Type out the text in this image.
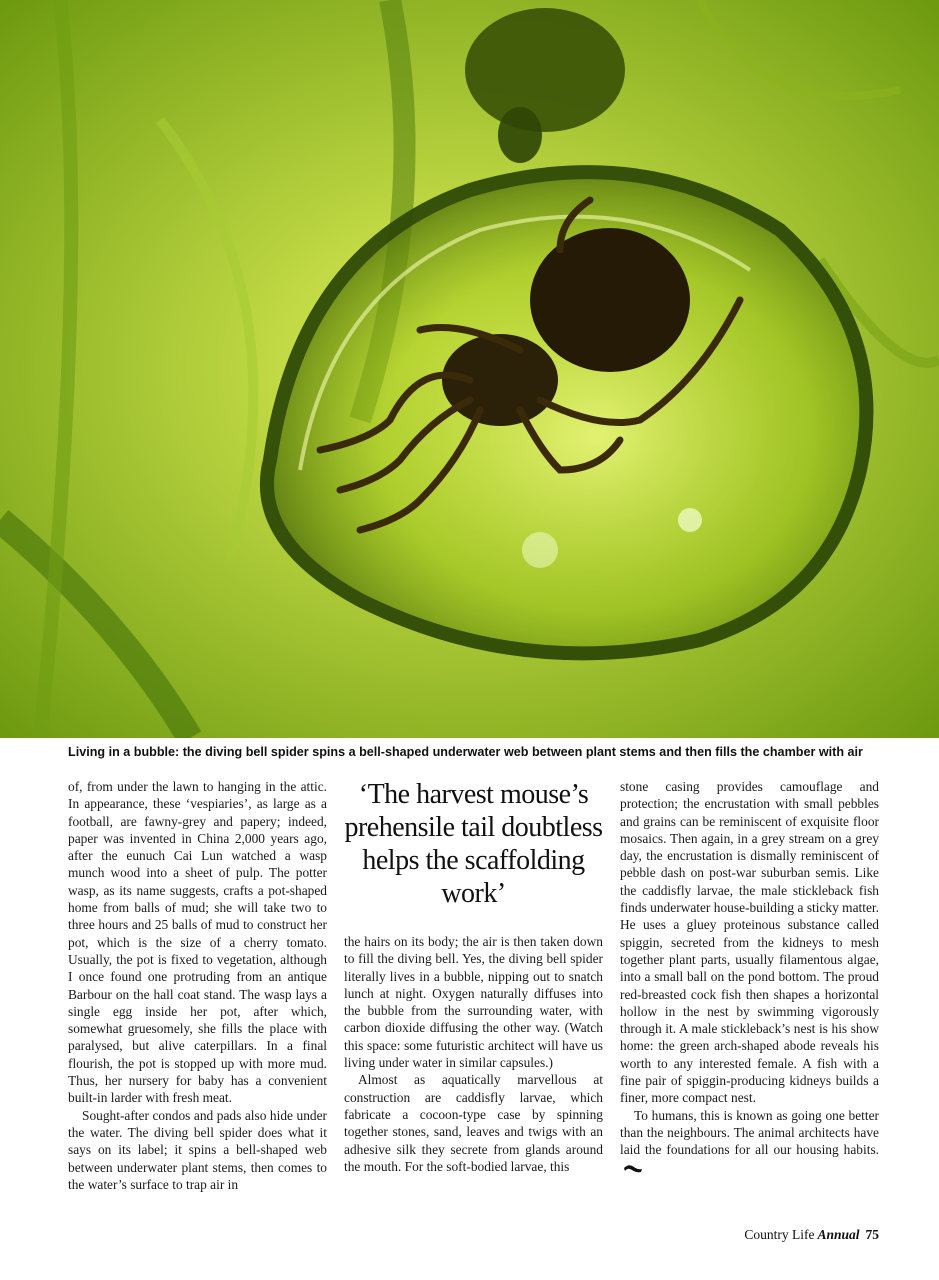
Living in a bubble: the diving bell spider spins a bell-shaped underwater web between plant stems and then fills the chamber with air

of, from under the lawn to hanging in the attic. In appearance, these ‘vespiaries’, as large as a football, are fawny-grey and papery; indeed, paper was invented in China 2,000 years ago, after the eunuch Cai Lun watched a wasp munch wood into a sheet of pulp. The potter wasp, as its name suggests, crafts a pot-shaped home from balls of mud; she will take two to three hours and 25 balls of mud to construct her pot, which is the size of a cherry tomato. Usually, the pot is fixed to vegetation, although I once found one protruding from an antique Barbour on the hall coat stand. The wasp lays a single egg inside her pot, after which, somewhat gruesomely, she fills the place with paralysed, but alive caterpillars. In a final flourish, the pot is stopped up with more mud. Thus, her nursery for baby has a convenient built-in larder with fresh meat.

Sought-after condos and pads also hide under the water. The diving bell spider does what it says on its label; it spins a bell-shaped web between underwater plant stems, then comes to the water’s surface to trap air in

‘The harvest mouse’s prehensile tail doubtless helps the scaffolding work’

the hairs on its body; the air is then taken down to fill the diving bell. Yes, the diving bell spider literally lives in a bubble, nipping out to snatch lunch at night. Oxygen naturally diffuses into the bubble from the surrounding water, with carbon dioxide diffusing the other way. (Watch this space: some futuristic architect will have us living under water in similar capsules.)

Almost as aquatically marvellous at construction are caddisfly larvae, which fabricate a cocoon-type case by spinning together stones, sand, leaves and twigs with an adhesive silk they secrete from glands around the mouth. For the soft-bodied larvae, this

stone casing provides camouflage and protection; the encrustation with small pebbles and grains can be reminiscent of exquisite floor mosaics. Then again, in a grey stream on a grey day, the encrustation is dismally reminiscent of pebble dash on post-war suburban semis. Like the caddisfly larvae, the male stickleback fish finds underwater house-building a sticky matter. He uses a gluey proteinous substance called spiggin, secreted from the kidneys to mesh together plant parts, usually filamentous algae, into a small ball on the pond bottom. The proud red-breasted cock fish then shapes a horizontal hollow in the nest by swimming vigorously through it. A male stickleback’s nest is his show home: the green arch-shaped abode reveals his worth to any interested female. A fish with a fine pair of spiggin-producing kidneys builds a finer, more compact nest.

To humans, this is known as going one better than the neighbours. The animal architects have laid the foundations for all our housing habits.

Country Life Annual 75
